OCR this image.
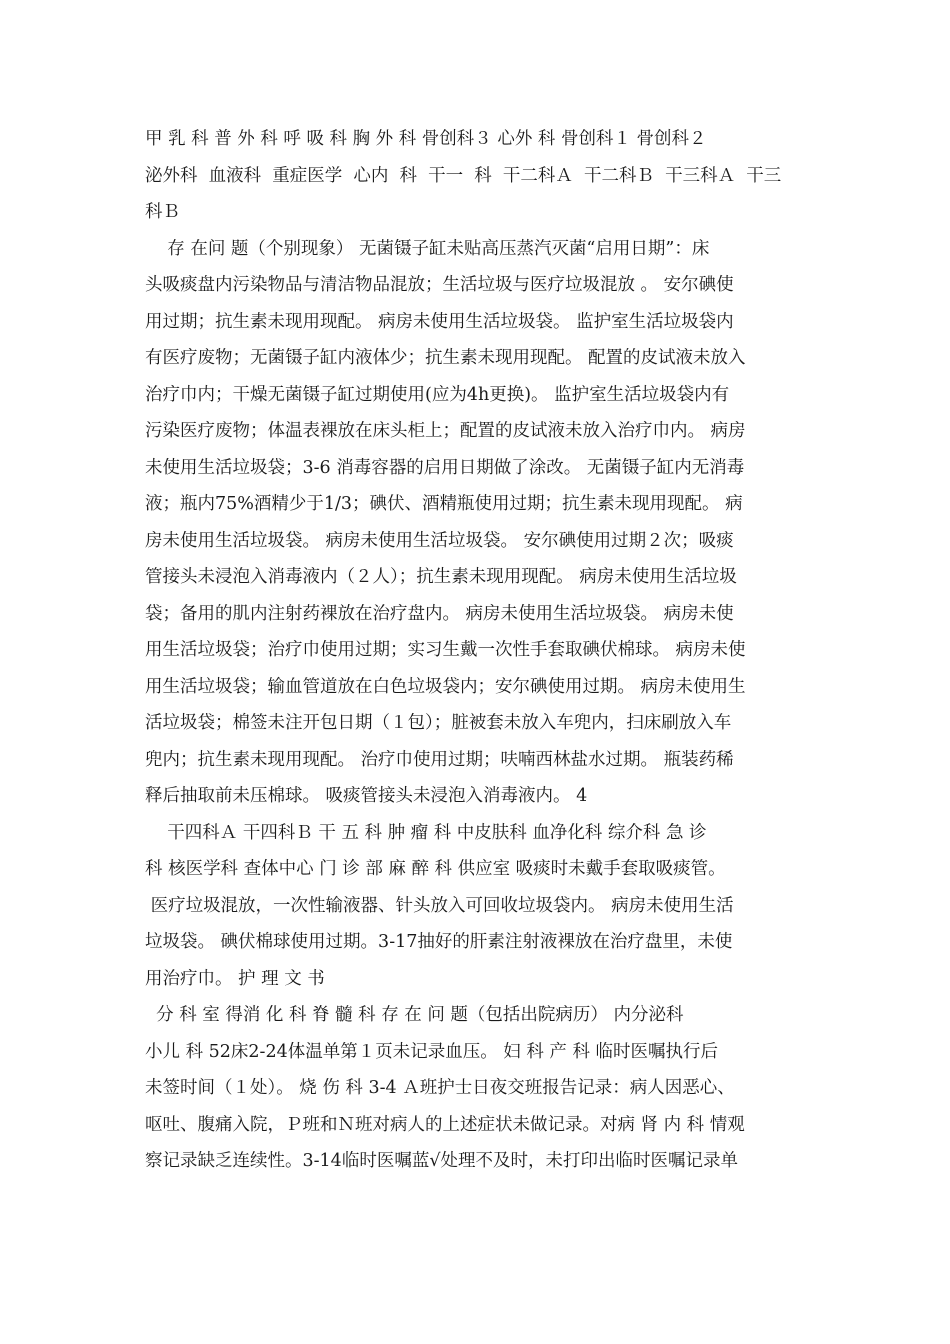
甲 乳 科 普 外 科 呼 吸 科 胸 外 科 骨创科３ 心外 科 骨创科１ 骨创科２
泌外科  血液科  重症医学  心内  科  干一  科  干二科Ａ  干二科Ｂ  干三科Ａ  干三
科Ｂ
存 在问 题（个别现象） 无菌镊子缸未贴高压蒸汽灭菌“启用日期”：床
头吸痰盘内污染物品与清洁物品混放；生活垃圾与医疗垃圾混放 。 安尔碘使
用过期；抗生素未现用现配。 病房未使用生活垃圾袋。 监护室生活垃圾袋内
有医疗废物；无菌镊子缸内液体少；抗生素未现用现配。 配置的皮试液未放入
治疗巾内；干燥无菌镊子缸过期使用(应为4h更换)。 监护室生活垃圾袋内有
污染医疗废物；体温表裸放在床头柜上；配置的皮试液未放入治疗巾内。 病房
未使用生活垃圾袋；3-6 消毒容器的启用日期做了涂改。 无菌镊子缸内无消毒
液；瓶内75%酒精少于1/3；碘伏、酒精瓶使用过期；抗生素未现用现配。 病
房未使用生活垃圾袋。 病房未使用生活垃圾袋。 安尔碘使用过期２次；吸痰
管接头未浸泡入消毒液内（２人）；抗生素未现用现配。 病房未使用生活垃圾
袋；备用的肌内注射药裸放在治疗盘内。 病房未使用生活垃圾袋。 病房未使
用生活垃圾袋；治疗巾使用过期；实习生戴一次性手套取碘伏棉球。 病房未使
用生活垃圾袋；输血管道放在白色垃圾袋内；安尔碘使用过期。 病房未使用生
活垃圾袋；棉签未注开包日期（１包）；脏被套未放入车兜内，扫床刷放入车
兜内；抗生素未现用现配。 治疗巾使用过期；呋喃西林盐水过期。 瓶装药稀
释后抽取前未压棉球。 吸痰管接头未浸泡入消毒液内。 4
干四科Ａ 干四科Ｂ 干 五 科 肿 瘤 科 中皮肤科 血净化科 综介科 急 诊
科 核医学科 查体中心 门 诊 部 麻 醉 科 供应室 吸痰时未戴手套取吸痰管。
医疗垃圾混放，一次性输液器、针头放入可回收垃圾袋内。 病房未使用生活
垃圾袋。 碘伏棉球使用过期。3-17抽好的肝素注射液裸放在治疗盘里，未使
用治疗巾。 护 理 文 书
分 科 室 得消 化 科 脊 髓 科 存 在 问 题（包括出院病历） 内分泌科
小儿 科 52床2-24体温单第１页未记录血压。 妇 科 产 科 临时医嘱执行后
未签时间（１处）。 烧 伤 科 3-4 Ａ班护士日夜交班报告记录：病人因恶心、
呕吐、腹痛入院，Ｐ班和Ｎ班对病人的上述症状未做记录。对病 肾 内 科 情观
察记录缺乏连续性。3-14临时医嘱蓝√处理不及时，未打印出临时医嘱记录单
